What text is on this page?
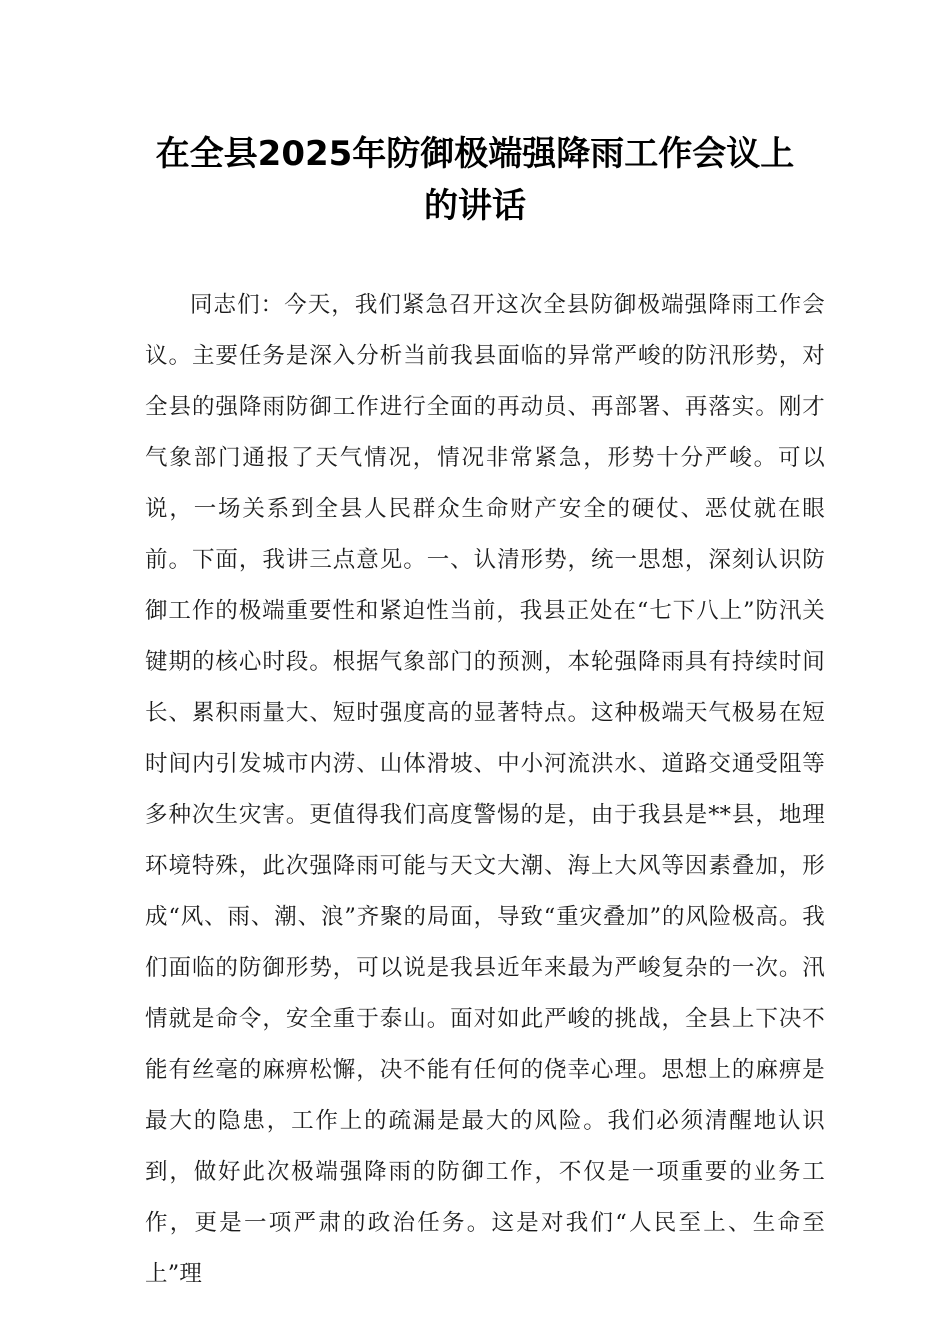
在全县2025年防御极端强降雨工作会议上
的讲话

同志们：今天，我们紧急召开这次全县防御极端强降雨工作会议。主要任务是深入分析当前我县面临的异常严峻的防汛形势，对全县的强降雨防御工作进行全面的再动员、再部署、再落实。刚才气象部门通报了天气情况，情况非常紧急，形势十分严峻。可以说，一场关系到全县人民群众生命财产安全的硬仗、恶仗就在眼前。下面，我讲三点意见。一、认清形势，统一思想，深刻认识防御工作的极端重要性和紧迫性当前，我县正处在“七下八上”防汛关键期的核心时段。根据气象部门的预测，本轮强降雨具有持续时间长、累积雨量大、短时强度高的显著特点。这种极端天气极易在短时间内引发城市内涝、山体滑坡、中小河流洪水、道路交通受阻等多种次生灾害。更值得我们高度警惕的是，由于我县是**县，地理环境特殊，此次强降雨可能与天文大潮、海上大风等因素叠加，形成“风、雨、潮、浪”齐聚的局面，导致“重灾叠加”的风险极高。我们面临的防御形势，可以说是我县近年来最为严峻复杂的一次。汛情就是命令，安全重于泰山。面对如此严峻的挑战，全县上下决不能有丝毫的麻痹松懈，决不能有任何的侥幸心理。思想上的麻痹是最大的隐患，工作上的疏漏是最大的风险。我们必须清醒地认识到，做好此次极端强降雨的防御工作，不仅是一项重要的业务工作，更是一项严肃的政治任务。这是对我们“人民至上、生命至上”理
